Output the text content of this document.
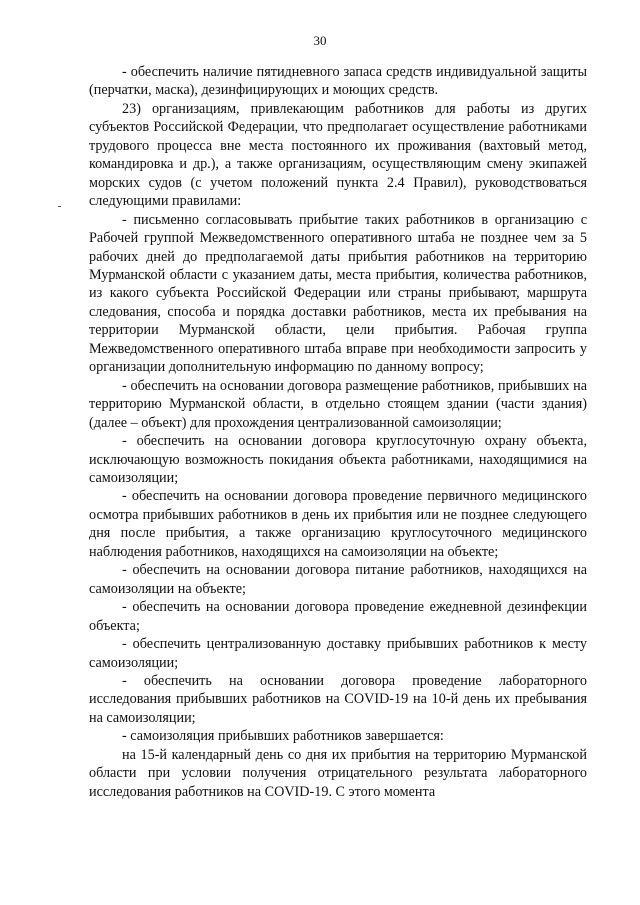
30

- обеспечить наличие пятидневного запаса средств индивидуальной защиты (перчатки, маска), дезинфицирующих и моющих средств.

23) организациям, привлекающим работников для работы из других субъектов Российской Федерации, что предполагает осуществление работниками трудового процесса вне места постоянного их проживания (вахтовый метод, командировка и др.), а также организациям, осуществляющим смену экипажей морских судов (с учетом положений пункта 2.4 Правил), руководствоваться следующими правилами:

- письменно согласовывать прибытие таких работников в организацию с Рабочей группой Межведомственного оперативного штаба не позднее чем за 5 рабочих дней до предполагаемой даты прибытия работников на территорию Мурманской области с указанием даты, места прибытия, количества работников, из какого субъекта Российской Федерации или страны прибывают, маршрута следования, способа и порядка доставки работников, места их пребывания на территории Мурманской области, цели прибытия. Рабочая группа Межведомственного оперативного штаба вправе при необходимости запросить у организации дополнительную информацию по данному вопросу;

- обеспечить на основании договора размещение работников, прибывших на территорию Мурманской области, в отдельно стоящем здании (части здания) (далее – объект) для прохождения централизованной самоизоляции;

- обеспечить на основании договора круглосуточную охрану объекта, исключающую возможность покидания объекта работниками, находящимися на самоизоляции;

- обеспечить на основании договора проведение первичного медицинского осмотра прибывших работников в день их прибытия или не позднее следующего дня после прибытия, а также организацию круглосуточного медицинского наблюдения работников, находящихся на самоизоляции на объекте;

- обеспечить на основании договора питание работников, находящихся на самоизоляции на объекте;

- обеспечить на основании договора проведение ежедневной дезинфекции объекта;

- обеспечить централизованную доставку прибывших работников к месту самоизоляции;

- обеспечить на основании договора проведение лабораторного исследования прибывших работников на COVID-19 на 10-й день их пребывания на самоизоляции;

- самоизоляция прибывших работников завершается:

на 15-й календарный день со дня их прибытия на территорию Мурманской области при условии получения отрицательного результата лабораторного исследования работников на COVID-19. С этого момента
